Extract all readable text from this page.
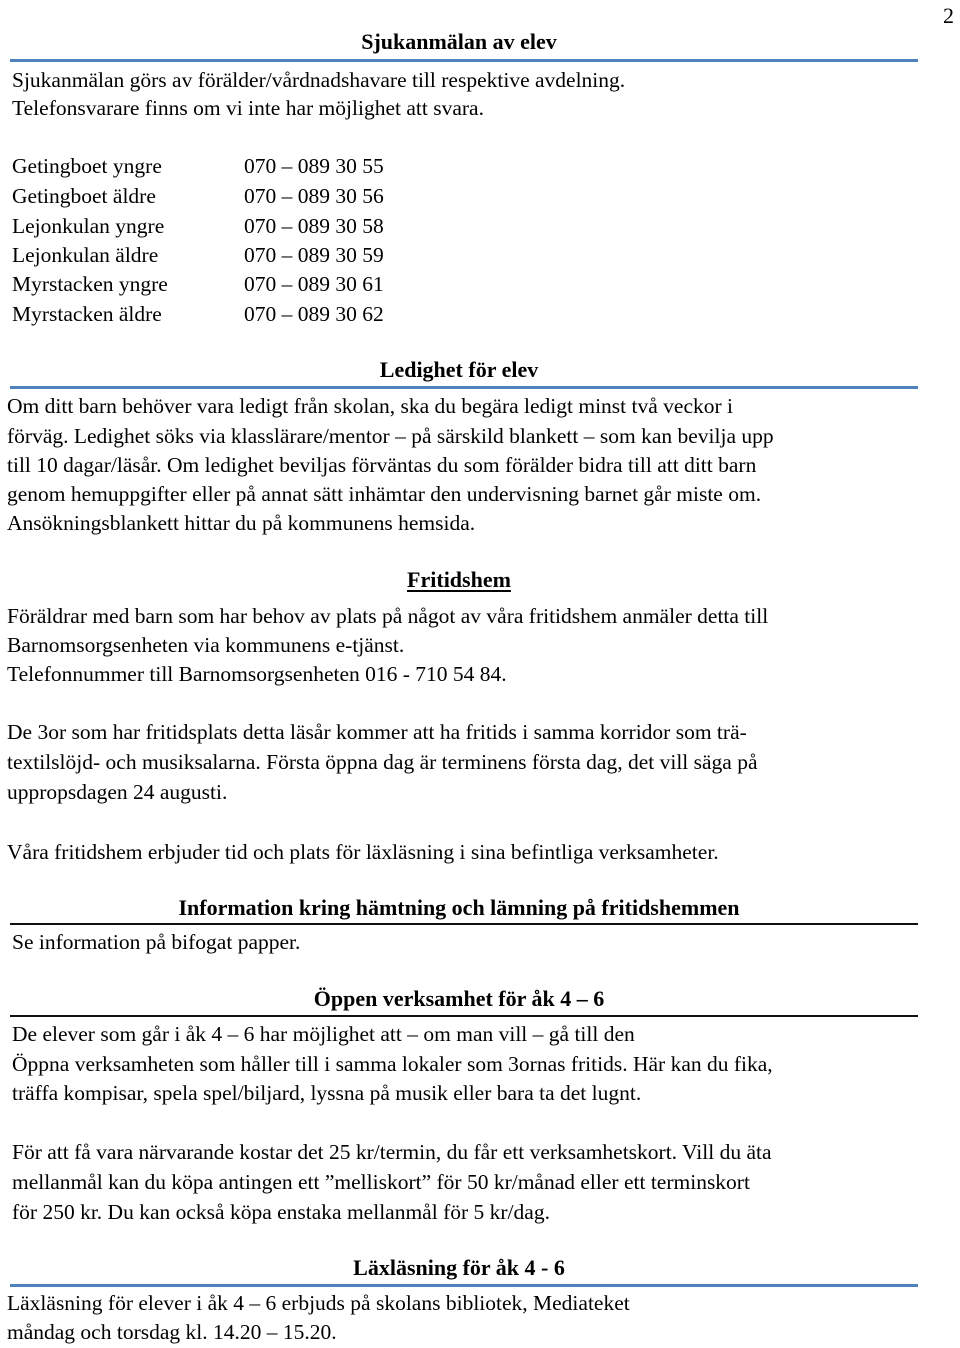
2
Sjukanmälan av elev
Sjukanmälan görs av förälder/vårdnadshavare till respektive avdelning.
Telefonsvarare finns om vi inte har möjlighet att svara.
Getingboet yngre	070 – 089 30 55
Getingboet äldre	070 – 089 30 56
Lejonkulan yngre	070 – 089 30 58
Lejonkulan äldre	070 – 089 30 59
Myrstacken yngre	070 – 089 30 61
Myrstacken äldre	070 – 089 30 62
Ledighet för elev
Om ditt barn behöver vara ledigt från skolan, ska du begära ledigt minst två veckor i
förväg. Ledighet söks via klasslärare/mentor – på särskild blankett – som kan bevilja upp
till 10 dagar/läsår. Om ledighet beviljas förväntas du som förälder bidra till att ditt barn
genom hemuppgifter eller på annat sätt inhämtar den undervisning barnet går miste om.
Ansökningsblankett hittar du på kommunens hemsida.
Fritidshem
Föräldrar med barn som har behov av plats på något av våra fritidshem anmäler detta till
Barnomsorgsenheten via kommunens e-tjänst.
Telefonnummer till Barnomsorgsenheten 016 - 710 54 84.
De 3or som har fritidsplats detta läsår kommer att ha fritids i samma korridor som trä-
textilslöjd- och musiksalarna. Första öppna dag är terminens första dag, det vill säga på
uppropsdagen 24 augusti.
Våra fritidshem erbjuder tid och plats för läxläsning i sina befintliga verksamheter.
Information kring hämtning och lämning på fritidshemmen
Se information på bifogat papper.
Öppen verksamhet för åk 4 – 6
De elever som går i åk 4 – 6 har möjlighet att – om man vill – gå till den
Öppna verksamheten som håller till i samma lokaler som 3ornas fritids. Här kan du fika,
träffa kompisar, spela spel/biljard, lyssna på musik eller bara ta det lugnt.
För att få vara närvarande kostar det 25 kr/termin, du får ett verksamhetskort. Vill du äta
mellanmål kan du köpa antingen ett ”melliskort” för 50 kr/månad eller ett terminskort
för 250 kr. Du kan också köpa enstaka mellanmål för 5 kr/dag.
Läxläsning för åk 4 - 6
Läxläsning för elever i åk 4 – 6 erbjuds på skolans bibliotek, Mediateket
måndag och torsdag kl. 14.20 – 15.20.
